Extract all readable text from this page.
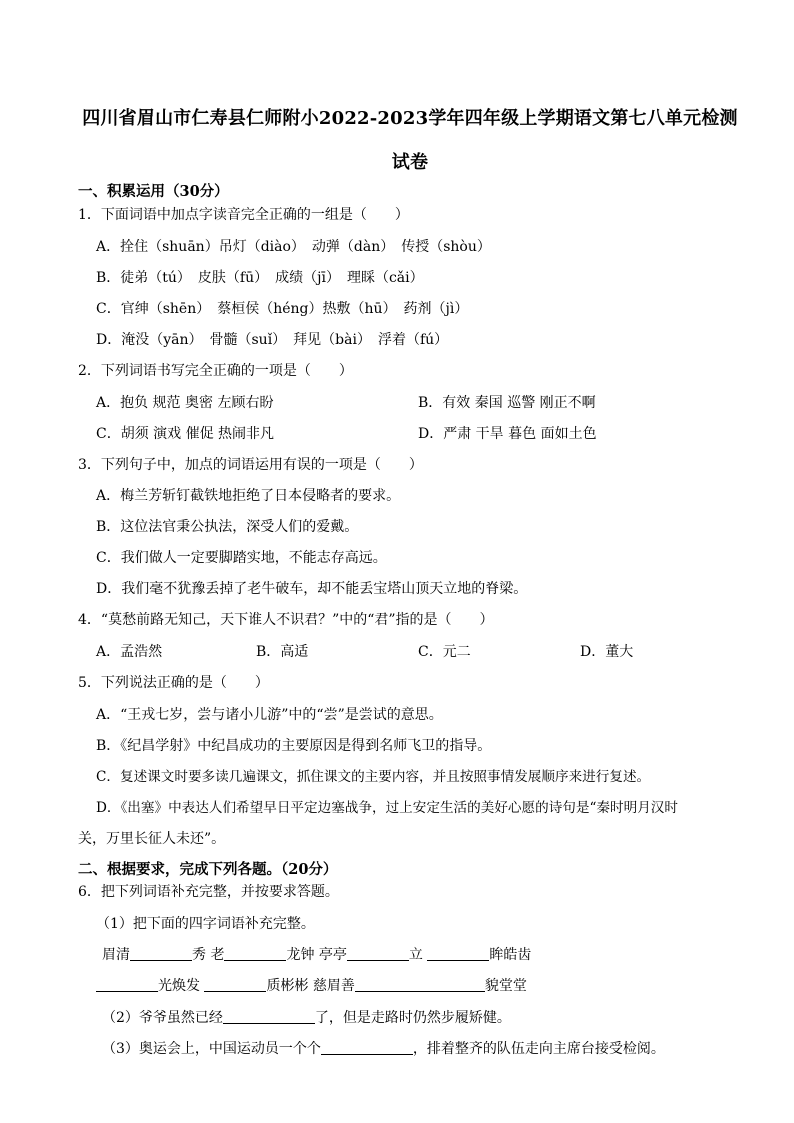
四川省眉山市仁寿县仁师附小2022-2023学年四年级上学期语文第七八单元检测
试卷
一、积累运用（30分）
1．下面词语中加点字读音完全正确的一组是（　　）
A．拴住（shuān）吊灯（diào）　动弹（dàn）　传授（shòu）
B．徒弟（tú）　皮肤（fū）　成绩（jī）　理睬（cǎi）
C．官绅（shēn）　蔡桓侯（héng）热敷（hū）　药剂（jì）
D．淹没（yān）　骨髓（suǐ）　拜见（bài）　浮着（fú）
2．下列词语书写完全正确的一项是（　　）
A．抱负 规范 奥密 左顾右盼	B．有效 秦国 巡警 刚正不啊
C．胡须 演戏 催促 热闹非凡	D．严肃 干旱 暮色 面如土色
3．下列句子中，加点的词语运用有误的一项是（　　）
A．梅兰芳斩钉截铁地拒绝了日本侵略者的要求。
B．这位法官秉公执法，深受人们的爱戴。
C．我们做人一定要脚踏实地，不能志存高远。
D．我们毫不犹豫丢掉了老牛破车，却不能丢宝塔山顶天立地的脊梁。
4．“莫愁前路无知己，天下谁人不识君？”中的“君”指的是（　　）
A．孟浩然	B．高适	C．元二	D．董大
5．下列说法正确的是（　　）
A．“王戎七岁，尝与诸小儿游”中的“尝”是尝试的意思。
B．《纪昌学射》中纪昌成功的主要原因是得到名师飞卫的指导。
C．复述课文时要多读几遍课文，抓住课文的主要内容，并且按照事情发展顺序来进行复述。
D．《出塞》中表达人们希望早日平定边塞战争，过上安定生活的美好心愿的诗句是“秦时明月汉时
关，万里长征人未还”。
二、根据要求，完成下列各题。（20分）
6．把下列词语补充完整，并按要求答题。
（1）把下面的四字词语补充完整。
眉清	秀 老	龙钟 亭亭	立	眸皓齿
光焕发	质彬彬 慈眉善	貌堂堂
（2）爷爷虽然已经	了，但是走路时仍然步履矫健。
（3）奥运会上，中国运动员一个个	，排着整齐的队伍走向主席台接受检阅。
